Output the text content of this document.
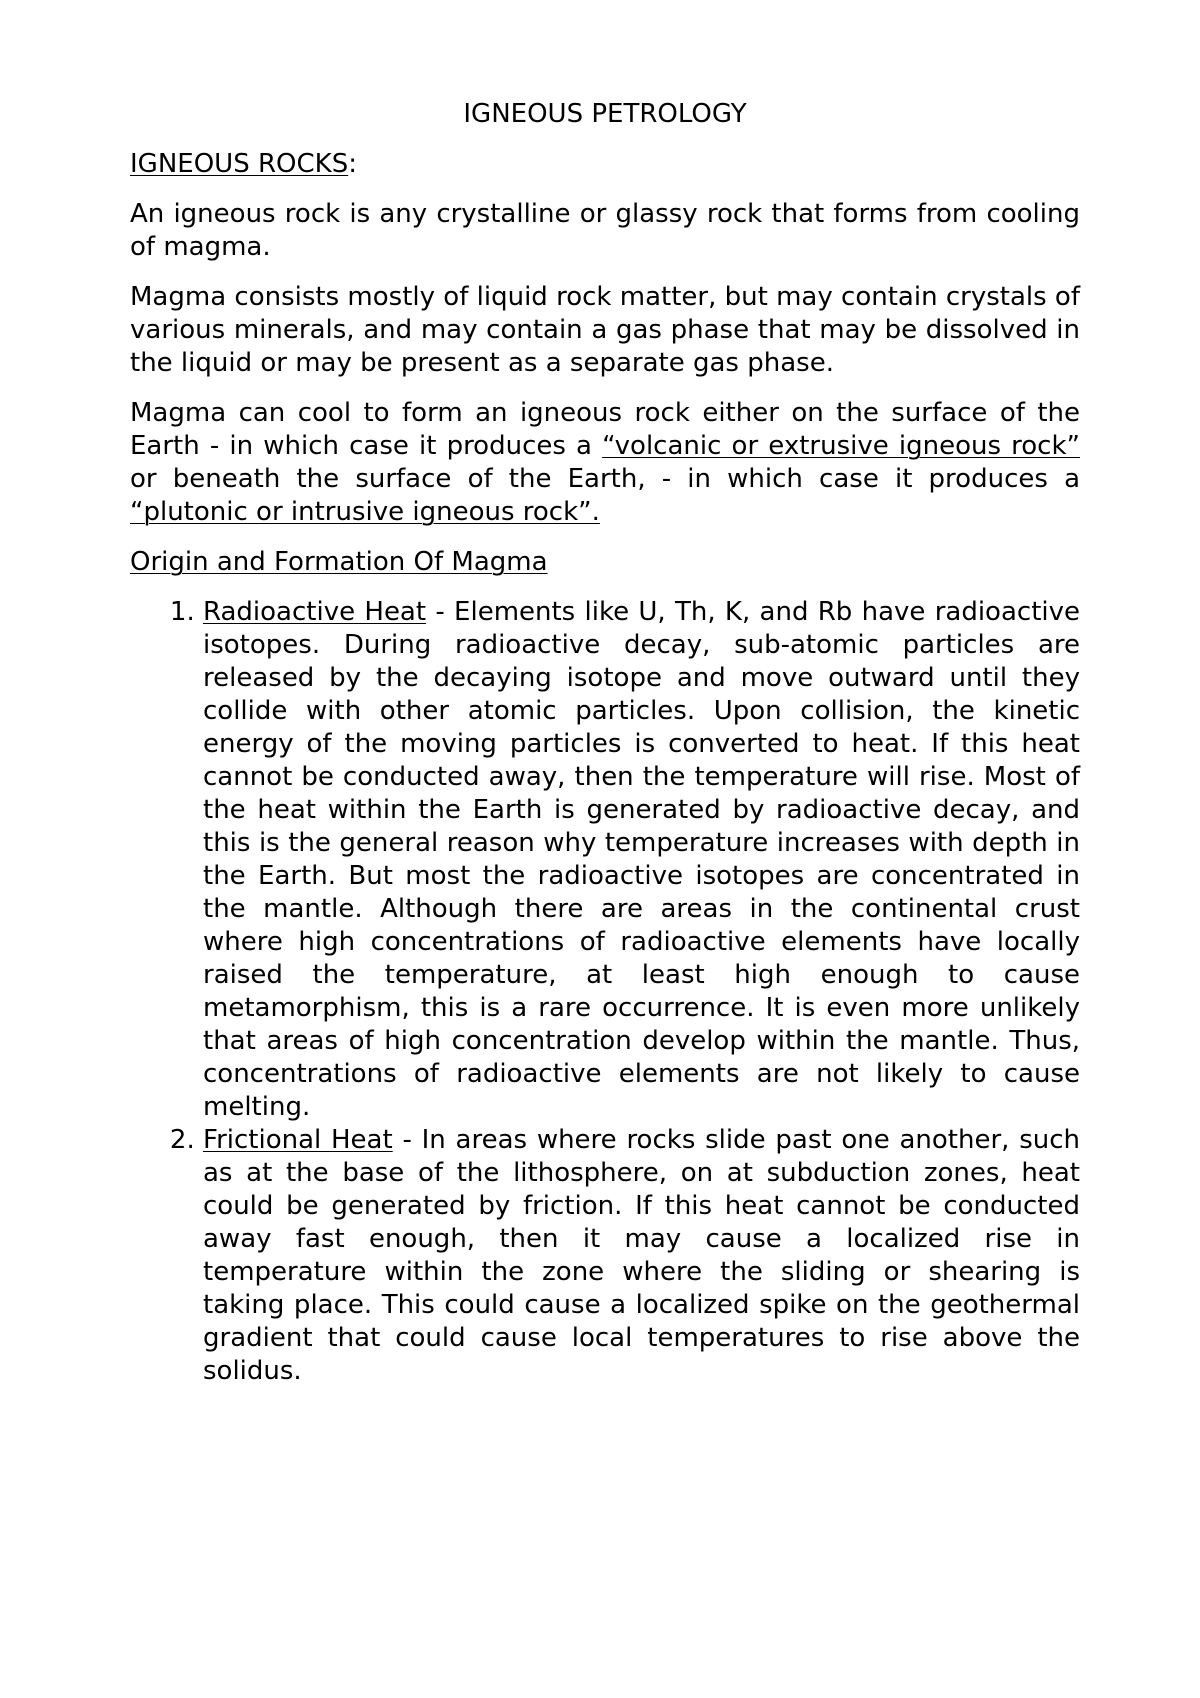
IGNEOUS PETROLOGY
IGNEOUS ROCKS:
An igneous rock is any crystalline or glassy rock that forms from cooling of magma.
Magma consists mostly of liquid rock matter, but may contain crystals of various minerals, and may contain a gas phase that may be dissolved in the liquid or may be present as a separate gas phase.
Magma can cool to form an igneous rock either on the surface of the Earth - in which case it produces a “volcanic or extrusive igneous rock” or beneath the surface of the Earth, - in which case it produces a “plutonic or intrusive igneous rock”.
Origin and Formation Of Magma
1. Radioactive Heat - Elements like U, Th, K, and Rb have radioactive isotopes. During radioactive decay, sub-atomic particles are released by the decaying isotope and move outward until they collide with other atomic particles. Upon collision, the kinetic energy of the moving particles is converted to heat. If this heat cannot be conducted away, then the temperature will rise. Most of the heat within the Earth is generated by radioactive decay, and this is the general reason why temperature increases with depth in the Earth. But most the radioactive isotopes are concentrated in the mantle. Although there are areas in the continental crust where high concentrations of radioactive elements have locally raised the temperature, at least high enough to cause metamorphism, this is a rare occurrence. It is even more unlikely that areas of high concentration develop within the mantle. Thus, concentrations of radioactive elements are not likely to cause melting.
2. Frictional Heat - In areas where rocks slide past one another, such as at the base of the lithosphere, on at subduction zones, heat could be generated by friction. If this heat cannot be conducted away fast enough, then it may cause a localized rise in temperature within the zone where the sliding or shearing is taking place. This could cause a localized spike on the geothermal gradient that could cause local temperatures to rise above the solidus.
